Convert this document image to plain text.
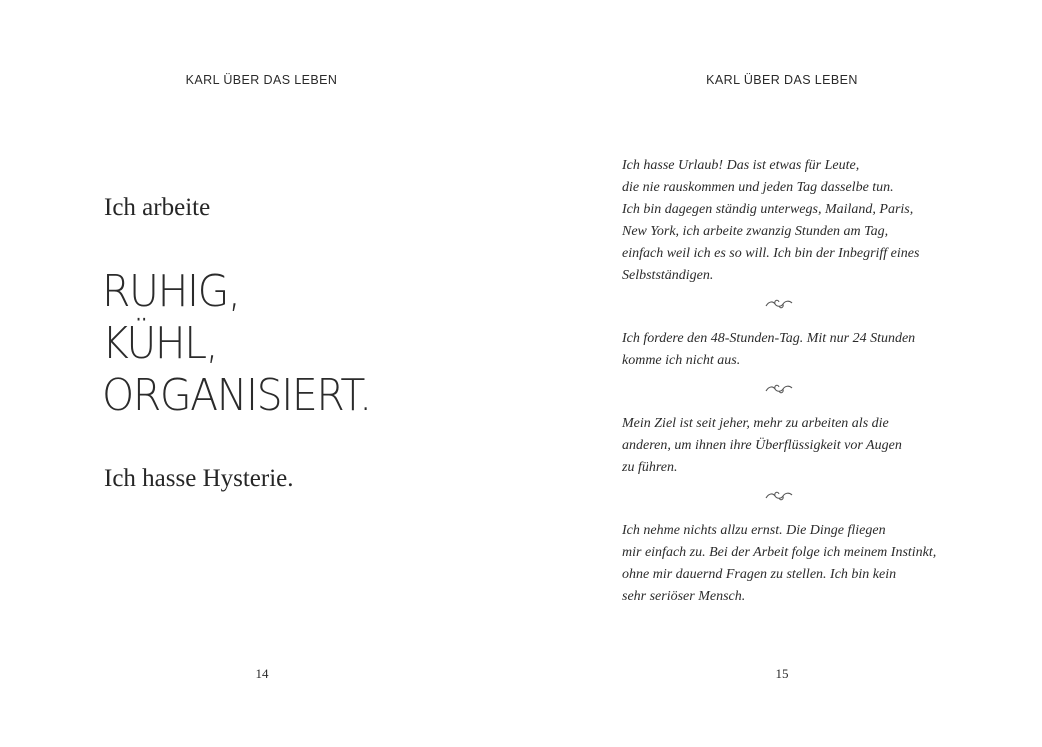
KARL ÜBER DAS LEBEN

Ich arbeite

RUHIG,
KÜHL,
ORGANISIERT.

Ich hasse Hysterie.

14
KARL ÜBER DAS LEBEN

Ich hasse Urlaub! Das ist etwas für Leute,
die nie rauskommen und jeden Tag dasselbe tun.
Ich bin dagegen ständig unterwegs, Mailand, Paris,
New York, ich arbeite zwanzig Stunden am Tag,
einfach weil ich es so will. Ich bin der Inbegriff eines
Selbstständigen.

Ich fordere den 48-Stunden-Tag. Mit nur 24 Stunden
komme ich nicht aus.

Mein Ziel ist seit jeher, mehr zu arbeiten als die
anderen, um ihnen ihre Überflüssigkeit vor Augen
zu führen.

Ich nehme nichts allzu ernst. Die Dinge fliegen
mir einfach zu. Bei der Arbeit folge ich meinem Instinkt,
ohne mir dauernd Fragen zu stellen. Ich bin kein
sehr seriöser Mensch.

15
